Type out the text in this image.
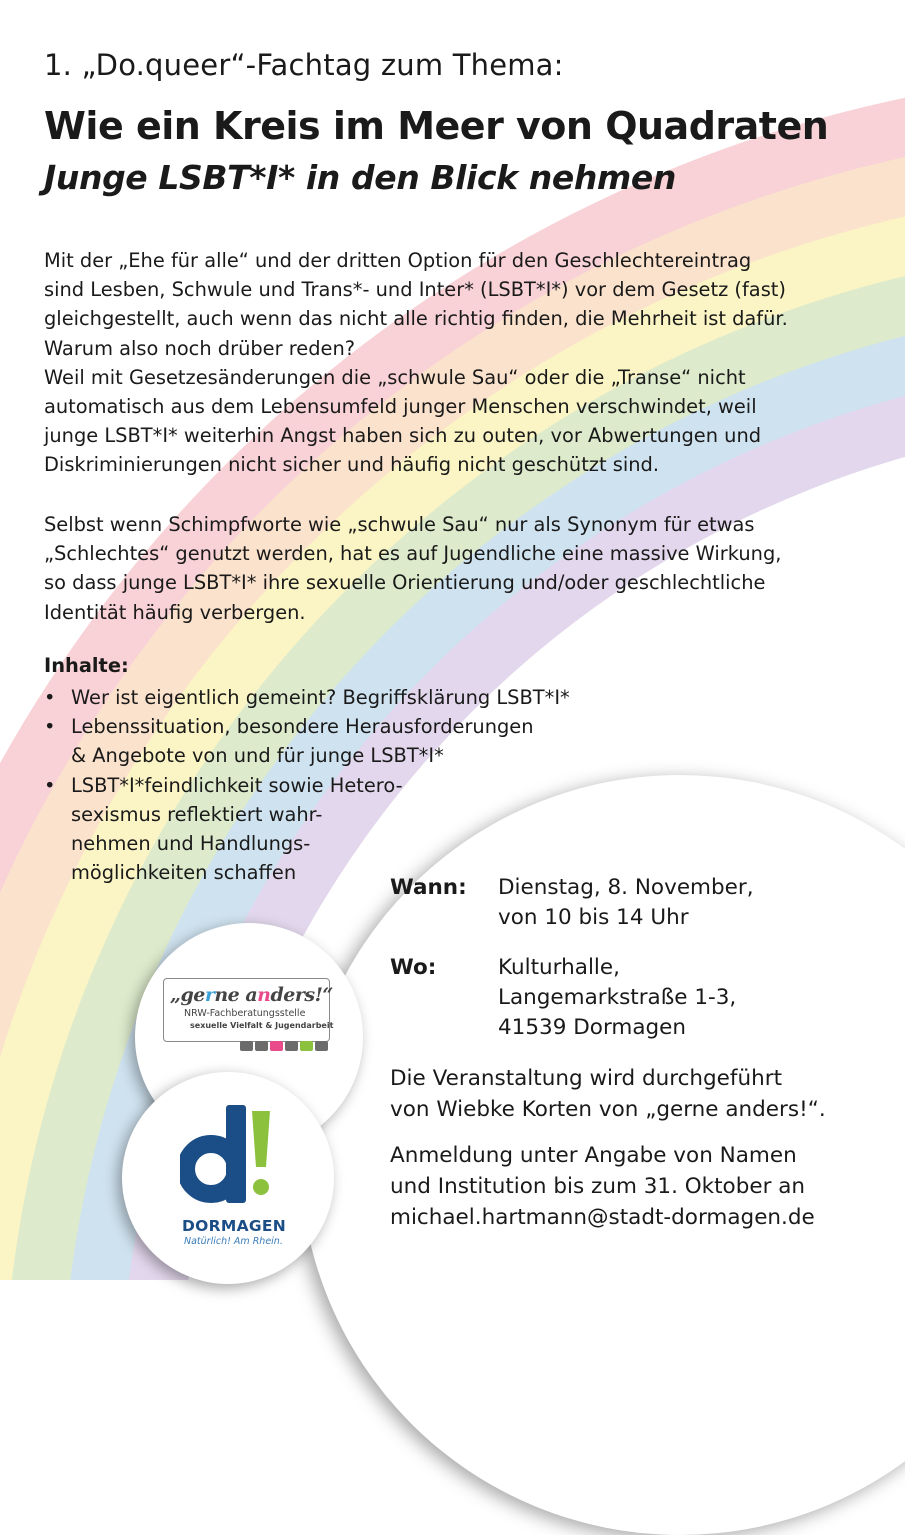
1. „Do.queer“-Fachtag zum Thema:
Wie ein Kreis im Meer von Quadraten
Junge LSBT*I* in den Blick nehmen
Mit der „Ehe für alle“ und der dritten Option für den Geschlechtereintrag
sind Lesben, Schwule und Trans*- und Inter* (LSBT*I*) vor dem Gesetz (fast)
gleichgestellt, auch wenn das nicht alle richtig finden, die Mehrheit ist dafür.
Warum also noch drüber reden?
Weil mit Gesetzesänderungen die „schwule Sau“ oder die „Transe“ nicht
automatisch aus dem Lebensumfeld junger Menschen verschwindet, weil
junge LSBT*I* weiterhin Angst haben sich zu outen, vor Abwertungen und
Diskriminierungen nicht sicher und häufig nicht geschützt sind.
Selbst wenn Schimpfworte wie „schwule Sau“ nur als Synonym für etwas
„Schlechtes“ genutzt werden, hat es auf Jugendliche eine massive Wirkung,
so dass junge LSBT*I* ihre sexuelle Orientierung und/oder geschlechtliche
Identität häufig verbergen.
Inhalte:
• Wer ist eigentlich gemeint? Begriffsklärung LSBT*I*
• Lebenssituation, besondere Herausforderungen
& Angebote von und für junge LSBT*I*
• LSBT*I*feindlichkeit sowie Hetero-
sexismus reflektiert wahr-
nehmen und Handlungs-
möglichkeiten schaffen
Wann: Dienstag, 8. November,
von 10 bis 14 Uhr
Wo:	Kulturhalle,
Langemarkstraße 1-3,
41539 Dormagen
Die Veranstaltung wird durchgeführt
von Wiebke Korten von „gerne anders!“.
Anmeldung unter Angabe von Namen
und Institution bis zum 31. Oktober an
michael.hartmann@stadt-dormagen.de
„gerne anders!“
NRW-Fachberatungsstelle
sexuelle Vielfalt & Jugendarbeit
DORMAGEN
Natürlich! Am Rhein.
